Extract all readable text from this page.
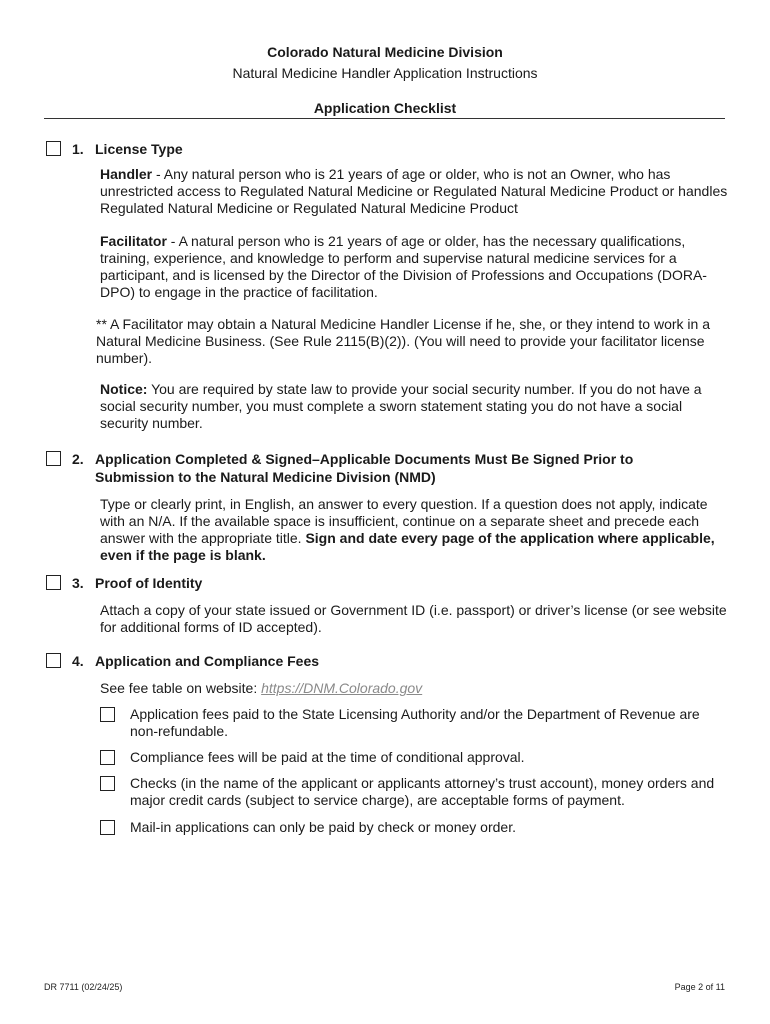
Colorado Natural Medicine Division
Natural Medicine Handler Application Instructions
Application Checklist
1. License Type
Handler - Any natural person who is 21 years of age or older, who is not an Owner, who has unrestricted access to Regulated Natural Medicine or Regulated Natural Medicine Product or handles Regulated Natural Medicine or Regulated Natural Medicine Product
Facilitator - A natural person who is 21 years of age or older, has the necessary qualifications, training, experience, and knowledge to perform and supervise natural medicine services for a participant, and is licensed by the Director of the Division of Professions and Occupations (DORA-DPO) to engage in the practice of facilitation.
** A Facilitator may obtain a Natural Medicine Handler License if he, she, or they intend to work in a Natural Medicine Business. (See Rule 2115(B)(2)). (You will need to provide your facilitator license number).
Notice: You are required by state law to provide your social security number. If you do not have a social security number, you must complete a sworn statement stating you do not have a social security number.
2. Application Completed & Signed–Applicable Documents Must Be Signed Prior to
Submission to the Natural Medicine Division (NMD)
Type or clearly print, in English, an answer to every question. If a question does not apply, indicate with an N/A. If the available space is insufficient, continue on a separate sheet and precede each answer with the appropriate title. Sign and date every page of the application where applicable, even if the page is blank.
3. Proof of Identity
Attach a copy of your state issued or Government ID (i.e. passport) or driver’s license (or see website for additional forms of ID accepted).
4. Application and Compliance Fees
See fee table on website: https://DNM.Colorado.gov
Application fees paid to the State Licensing Authority and/or the Department of Revenue are non-refundable.
Compliance fees will be paid at the time of conditional approval.
Checks (in the name of the applicant or applicants attorney’s trust account), money orders and major credit cards (subject to service charge), are acceptable forms of payment.
Mail-in applications can only be paid by check or money order.
DR 7711 (02/24/25)	Page 2 of 11
